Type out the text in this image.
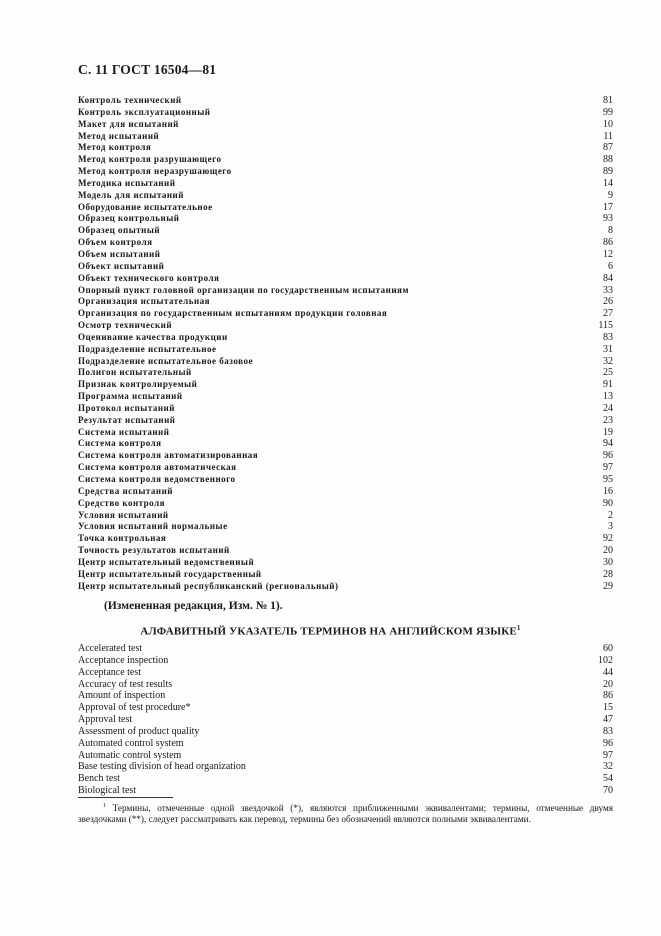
С. 11 ГОСТ 16504—81
Контроль технический	81
Контроль эксплуатационный	99
Макет для испытаний	10
Метод испытаний	11
Метод контроля	87
Метод контроля разрушающего	88
Метод контроля неразрушающего	89
Методика испытаний	14
Модель для испытаний	9
Оборудование испытательное	17
Образец контрольный	93
Образец опытный	8
Объем контроля	86
Объем испытаний	12
Объект испытаний	6
Объект технического контроля	84
Опорный пункт головной организации по государственным испытаниям	33
Организация испытательная	26
Организация по государственным испытаниям продукции головная	27
Осмотр технический	115
Оценивание качества продукции	83
Подразделение испытательное	31
Подразделение испытательное базовое	32
Полигон испытательный	25
Признак контролируемый	91
Программа испытаний	13
Протокол испытаний	24
Результат испытаний	23
Система испытаний	19
Система контроля	94
Система контроля автоматизированная	96
Система контроля автоматическая	97
Система контроля ведомственного	95
Средства испытаний	16
Средство контроля	90
Условия испытаний	2
Условия испытаний нормальные	3
Точка контрольная	92
Точность результатов испытаний	20
Центр испытательный ведомственный	30
Центр испытательный государственный	28
Центр испытательный республиканский (региональный)	29
(Измененная редакция, Изм. № 1).
АЛФАВИТНЫЙ УКАЗАТЕЛЬ ТЕРМИНОВ НА АНГЛИЙСКОМ ЯЗЫКЕ$^1$
Accelerated test	60
Acceptance inspection	102
Acceptance test	44
Accuracy of test results	20
Amount of inspection	86
Approval of test procedure*	15
Approval test	47
Assessment of product quality	83
Automated control system	96
Automatic control system	97
Base testing division of head organization	32
Bench test	54
Biological test	70
$^1$ Термины, отмеченные одной звездочкой (*), являются приближенными эквивалентами; термины, отмеченные двумя звездочками (**), следует рассматривать как перевод, термины без обозначений являются полными эквивалентами.
